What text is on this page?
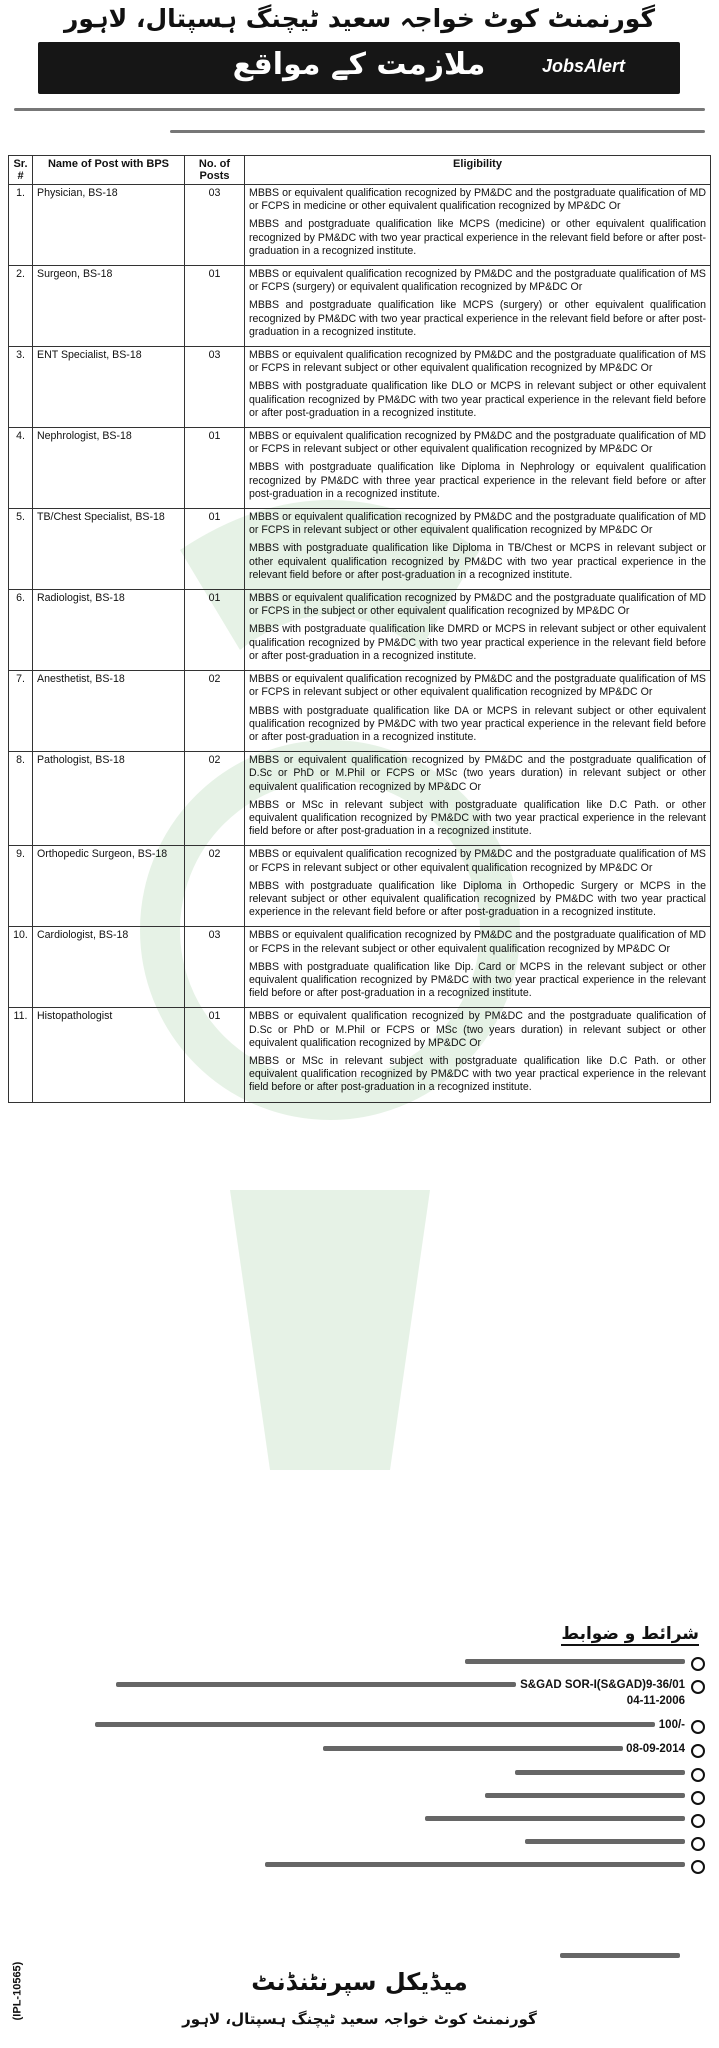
گورنمنٹ کوٹ خواجہ سعید ٹیچنگ ہسپتال، لاہور
ملازمت کے مواقع	JobsAlert
Sr. #	Name of Post with BPS	No. of Posts	Eligibility
1.	Physician, BS-18	03	MBBS or equivalent qualification recognized by PM&DC and the postgraduate qualification of MD or FCPS in medicine or other equivalent qualification recognized by MP&DC Or

MBBS and postgraduate qualification like MCPS (medicine) or other equivalent qualification recognized by PM&DC with two year practical experience in the relevant field before or after post-graduation in a recognized institute.

2.	Surgeon, BS-18	01	MBBS or equivalent qualification recognized by PM&DC and the postgraduate qualification of MS or FCPS (surgery) or equivalent qualification recognized by MP&DC Or

MBBS and postgraduate qualification like MCPS (surgery) or other equivalent qualification recognized by PM&DC with two year practical experience in the relevant field before or after post-graduation in a recognized institute.

3.	ENT Specialist, BS-18	03	MBBS or equivalent qualification recognized by PM&DC and the postgraduate qualification of MS or FCPS in relevant subject or other equivalent qualification recognized by MP&DC Or

MBBS with postgraduate qualification like DLO or MCPS in relevant subject or other equivalent qualification recognized by PM&DC with two year practical experience in the relevant field before or after post-graduation in a recognized institute.

4.	Nephrologist, BS-18	01	MBBS or equivalent qualification recognized by PM&DC and the postgraduate qualification of MD or FCPS in relevant subject or other equivalent qualification recognized by MP&DC Or

MBBS with postgraduate qualification like Diploma in Nephrology or equivalent qualification recognized by PM&DC with three year practical experience in the relevant field before or after post-graduation in a recognized institute.

5.	TB/Chest Specialist, BS-18	01	MBBS or equivalent qualification recognized by PM&DC and the postgraduate qualification of MD or FCPS in relevant subject or other equivalent qualification recognized by MP&DC Or

MBBS with postgraduate qualification like Diploma in TB/Chest or MCPS in relevant subject or other equivalent qualification recognized by PM&DC with two year practical experience in the relevant field before or after post-graduation in a recognized institute.

6.	Radiologist, BS-18	01	MBBS or equivalent qualification recognized by PM&DC and the postgraduate qualification of MD or FCPS in the subject or other equivalent qualification recognized by MP&DC Or

MBBS with postgraduate qualification like DMRD or MCPS in relevant subject or other equivalent qualification recognized by PM&DC with two year practical experience in the relevant field before or after post-graduation in a recognized institute.

7.	Anesthetist, BS-18	02	MBBS or equivalent qualification recognized by PM&DC and the postgraduate qualification of MS or FCPS in relevant subject or other equivalent qualification recognized by MP&DC Or

MBBS with postgraduate qualification like DA or MCPS in relevant subject or other equivalent qualification recognized by PM&DC with two year practical experience in the relevant field before or after post-graduation in a recognized institute.

8.	Pathologist, BS-18	02	MBBS or equivalent qualification recognized by PM&DC and the postgraduate qualification of D.Sc or PhD or M.Phil or FCPS or MSc (two years duration) in relevant subject or other equivalent qualification recognized by MP&DC Or

MBBS or MSc in relevant subject with postgraduate qualification like D.C Path. or other equivalent qualification recognized by PM&DC with two year practical experience in the relevant field before or after post-graduation in a recognized institute.

9.	Orthopedic Surgeon, BS-18	02	MBBS or equivalent qualification recognized by PM&DC and the postgraduate qualification of MS or FCPS in relevant subject or other equivalent qualification recognized by MP&DC Or

MBBS with postgraduate qualification like Diploma in Orthopedic Surgery or MCPS in the relevant subject or other equivalent qualification recognized by PM&DC with two year practical experience in the relevant field before or after post-graduation in a recognized institute.

10.	Cardiologist, BS-18	03	MBBS or equivalent qualification recognized by PM&DC and the postgraduate qualification of MD or FCPS in the relevant subject or other equivalent qualification recognized by MP&DC Or

MBBS with postgraduate qualification like Dip. Card or MCPS in the relevant subject or other equivalent qualification recognized by PM&DC with two year practical experience in the relevant field before or after post-graduation in a recognized institute.

11.	Histopathologist	01	MBBS or equivalent qualification recognized by PM&DC and the postgraduate qualification of D.Sc or PhD or M.Phil or FCPS or MSc (two years duration) in relevant subject or other equivalent qualification recognized by MP&DC Or

MBBS or MSc in relevant subject with postgraduate qualification like D.C Path. or other equivalent qualification recognized by PM&DC with two year practical experience in the relevant field before or after post-graduation in a recognized institute.

شرائط و ضوابط
S&GAD SOR-I(S&GAD)9-36/01
04-11-2006
100/-
08-09-2014
میڈیکل سپرنٹنڈنٹ
گورنمنٹ کوٹ خواجہ سعید ٹیچنگ ہسپتال، لاہور
(IPL-10565)
